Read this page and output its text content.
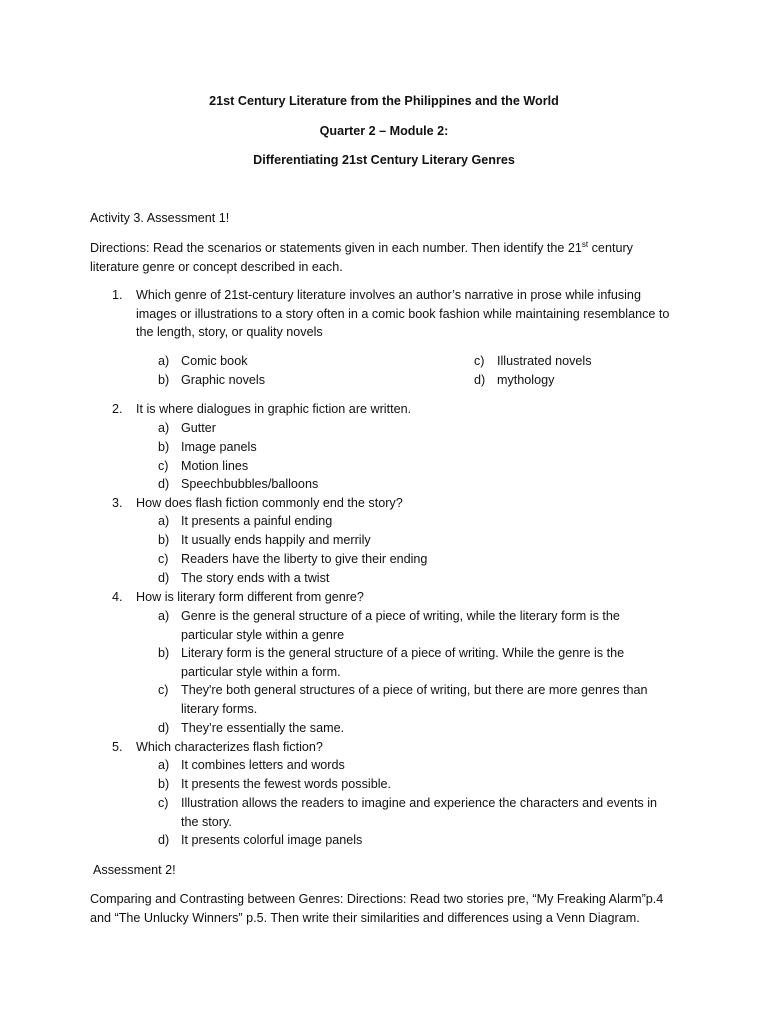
21st Century Literature from the Philippines and the World
Quarter 2 – Module 2:
Differentiating 21st Century Literary Genres
Activity 3. Assessment 1!
Directions: Read the scenarios or statements given in each number. Then identify the 21st century literature genre or concept described in each.
1.	Which genre of 21st-century literature involves an author’s narrative in prose while infusing images or illustrations to a story often in a comic book fashion while maintaining resemblance to the length, story, or quality novels
a) Comic book
b) Graphic novels
c) Illustrated novels
d) mythology
2.	It is where dialogues in graphic fiction are written.
a) Gutter
b) Image panels
c) Motion lines
d) Speechbubbles/balloons
3.	How does flash fiction commonly end the story?
a) It presents a painful ending
b) It usually ends happily and merrily
c) Readers have the liberty to give their ending
d) The story ends with a twist
4.	How is literary form different from genre?
a) Genre is the general structure of a piece of writing, while the literary form is the particular style within a genre
b) Literary form is the general structure of a piece of writing. While the genre is the particular style within a form.
c) They're both general structures of a piece of writing, but there are more genres than literary forms.
d) They’re essentially the same.
5.	Which characterizes flash fiction?
a) It combines letters and words
b) It presents the fewest words possible.
c) Illustration allows the readers to imagine and experience the characters and events in the story.
d) It presents colorful image panels
Assessment 2!
Comparing and Contrasting between Genres: Directions: Read two stories pre, “My Freaking Alarm”p.4 and “The Unlucky Winners” p.5. Then write their similarities and differences using a Venn Diagram.
